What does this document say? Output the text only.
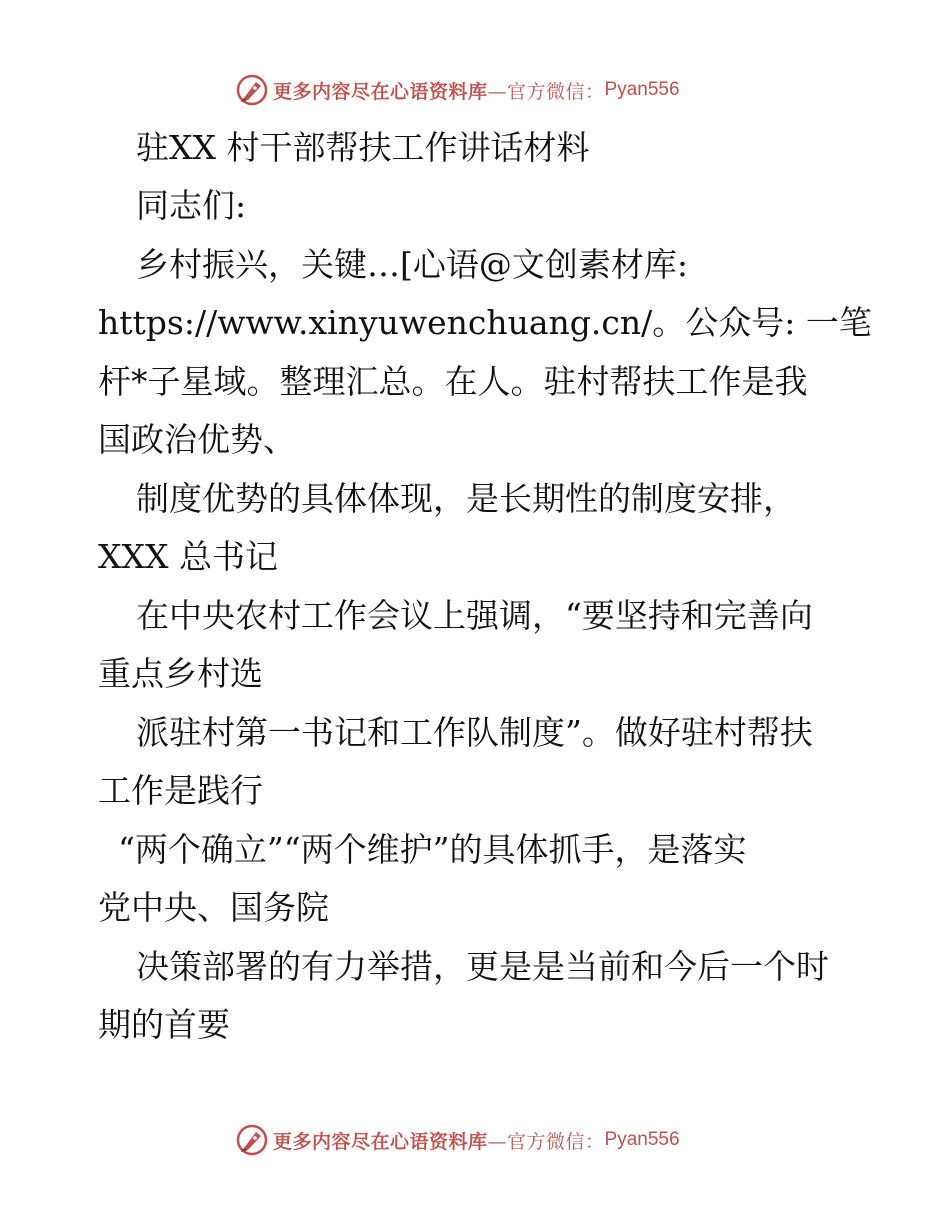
更多内容尽在心语资料库 —官方微信： Pyan556
驻XX 村干部帮扶工作讲话材料
同志们:
乡村振兴，关键…[心语@文创素材库:
https://www.xinyuwenchuang.cn/。公众号: 一笔
杆*子星域。整理汇总。在人。驻村帮扶工作是我
国政治优势、
制度优势的具体体现，是长期性的制度安排，
XXX 总书记
在中央农村工作会议上强调，“要坚持和完善向
重点乡村选
派驻村第一书记和工作队制度”。做好驻村帮扶
工作是践行
“两个确立”“两个维护”的具体抓手，是落实
党中央、国务院
决策部署的有力举措，更是是当前和今后一个时
期的首要
更多内容尽在心语资料库 —官方微信： Pyan556
